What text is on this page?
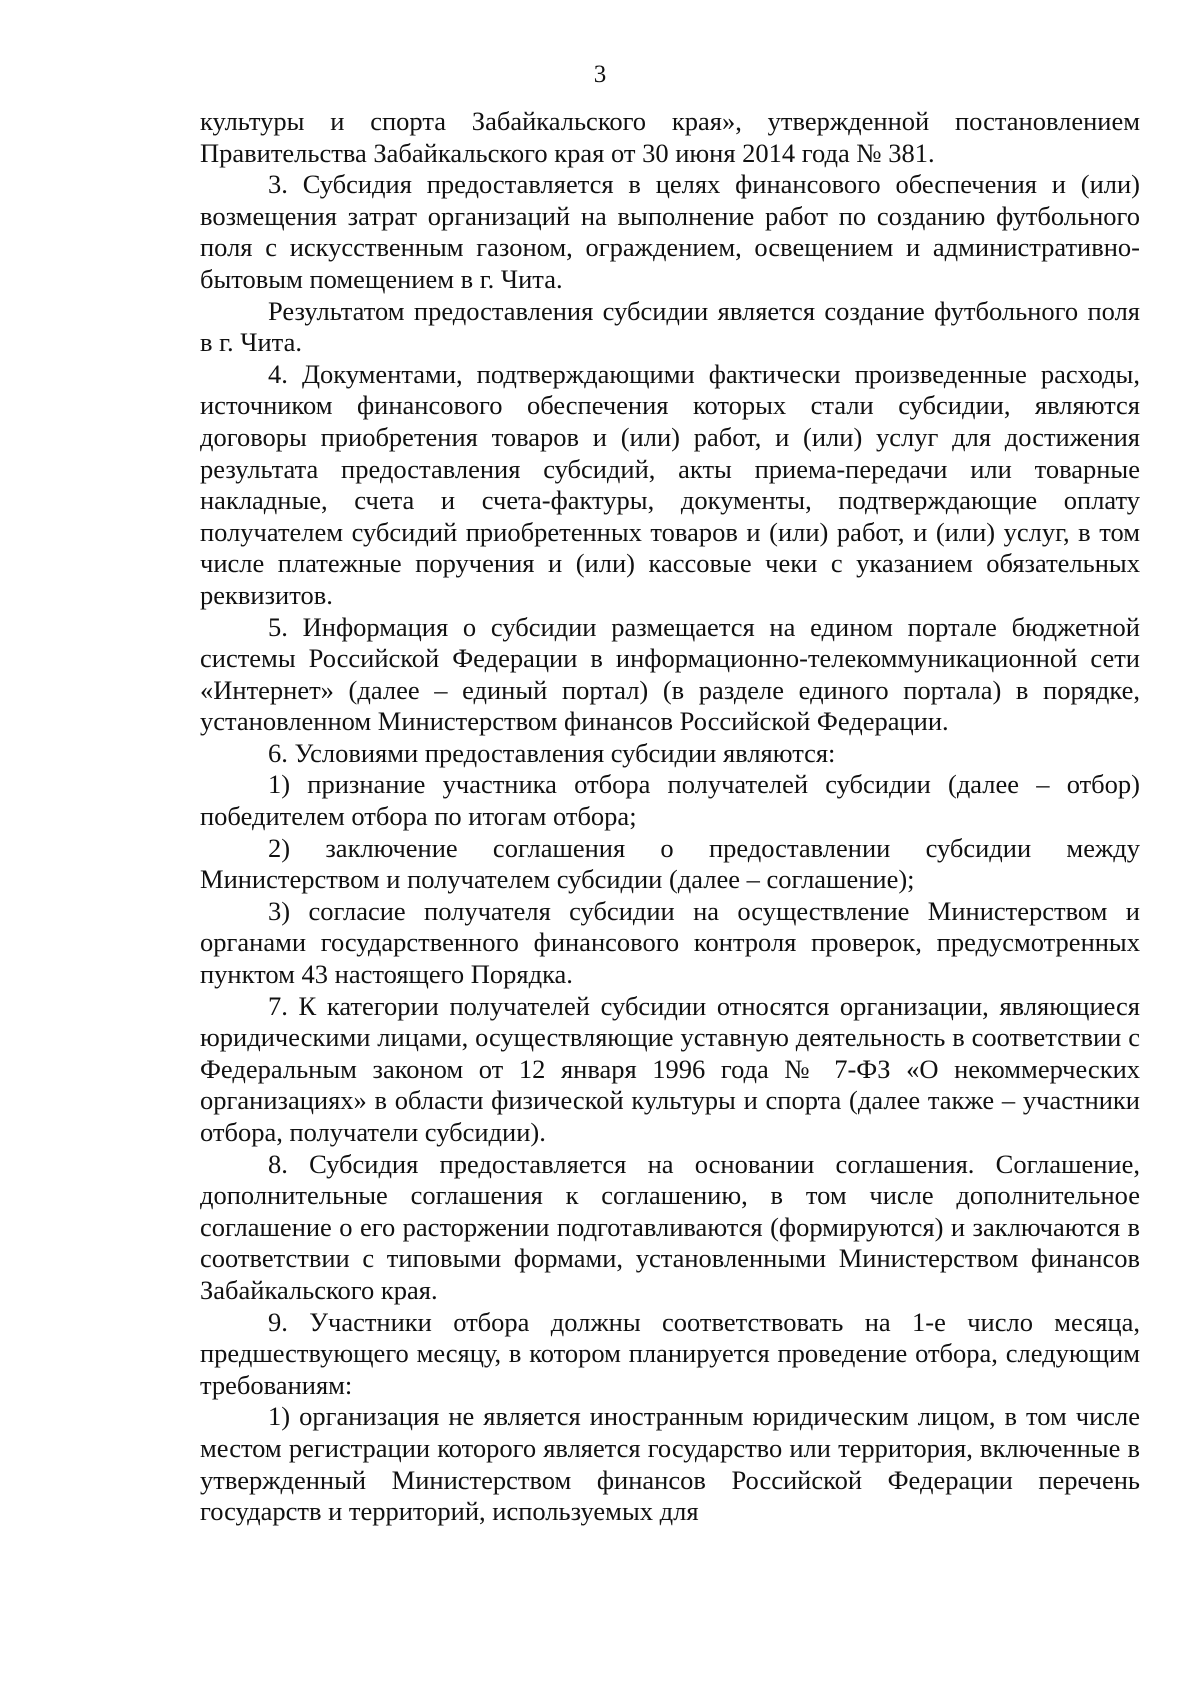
3

культуры и спорта Забайкальского края», утвержденной постановлением Правительства Забайкальского края от 30 июня 2014 года № 381.

3. Субсидия предоставляется в целях финансового обеспечения и (или) возмещения затрат организаций на выполнение работ по созданию футбольного поля с искусственным газоном, ограждением, освещением и административно-бытовым помещением в г. Чита.

Результатом предоставления субсидии является создание футбольного поля в г. Чита.

4. Документами, подтверждающими фактически произведенные расходы, источником финансового обеспечения которых стали субсидии, являются договоры приобретения товаров и (или) работ, и (или) услуг для достижения результата предоставления субсидий, акты приема-передачи или товарные накладные, счета и счета-фактуры, документы, подтверждающие оплату получателем субсидий приобретенных товаров и (или) работ, и (или) услуг, в том числе платежные поручения и (или) кассовые чеки с указанием обязательных реквизитов.

5. Информация о субсидии размещается на едином портале бюджетной системы Российской Федерации в информационно-телекоммуникационной сети «Интернет» (далее – единый портал) (в разделе единого портала) в порядке, установленном Министерством финансов Российской Федерации.

6. Условиями предоставления субсидии являются:

1) признание участника отбора получателей субсидии (далее – отбор) победителем отбора по итогам отбора;

2) заключение соглашения о предоставлении субсидии между Министерством и получателем субсидии (далее – соглашение);

3) согласие получателя субсидии на осуществление Министерством и органами государственного финансового контроля проверок, предусмотренных пунктом 43 настоящего Порядка.

7. К категории получателей субсидии относятся организации, являющиеся юридическими лицами, осуществляющие уставную деятельность в соответствии с Федеральным законом от 12 января 1996 года № 7-ФЗ «О некоммерческих организациях» в области физической культуры и спорта (далее также – участники отбора, получатели субсидии).

8. Субсидия предоставляется на основании соглашения. Соглашение, дополнительные соглашения к соглашению, в том числе дополнительное соглашение о его расторжении подготавливаются (формируются) и заключаются в соответствии с типовыми формами, установленными Министерством финансов Забайкальского края.

9. Участники отбора должны соответствовать на 1-е число месяца, предшествующего месяцу, в котором планируется проведение отбора, следующим требованиям:

1) организация не является иностранным юридическим лицом, в том числе местом регистрации которого является государство или территория, включенные в утвержденный Министерством финансов Российской Федерации перечень государств и территорий, используемых для
